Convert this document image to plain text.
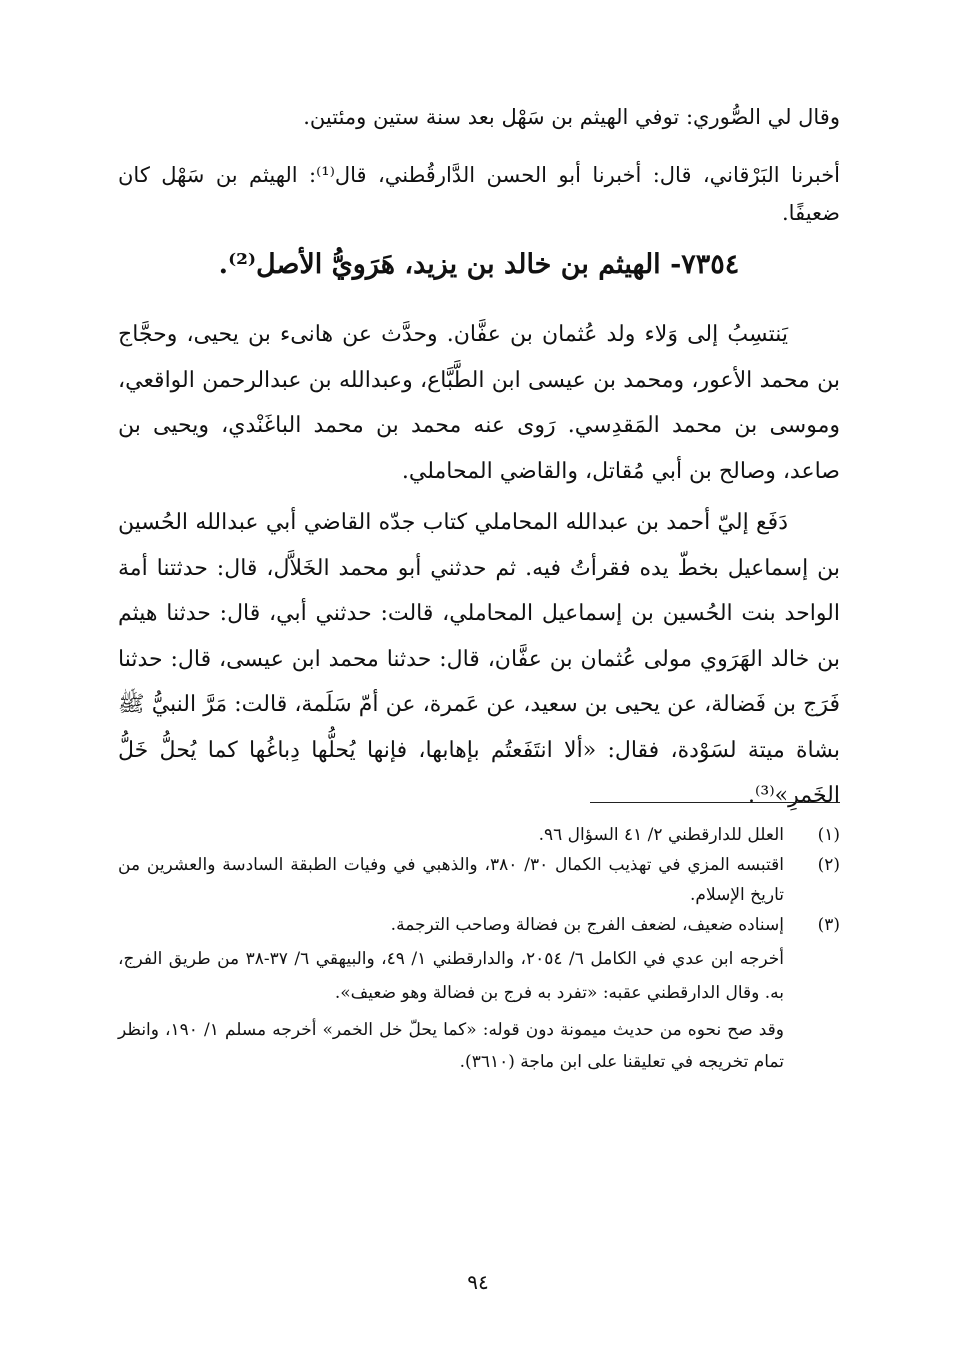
وقال لي الصُّوري: توفي الهيثم بن سَهْل بعد سنة ستين ومئتين.
أخبرنا البَرْقاني، قال: أخبرنا أبو الحسن الدَّارقُطني، قال⁽¹⁾: الهيثم بن سَهْل كان ضعيفًا.
٧٣٥٤- الهيثم بن خالد بن يزيد، هَرَويُّ الأصل⁽²⁾.
يَنتسِبُ إلى وَلاء ولد عُثمان بن عفَّان. وحدَّث عن هانىء بن يحيى، وحجَّاج بن محمد الأعور، ومحمد بن عيسى ابن الطَّبَّاع، وعبدالله بن عبدالرحمن الواقعي، وموسى بن محمد المَقدِسي. رَوى عنه محمد بن محمد الباغَنْدي، ويحيى بن صاعد، وصالح بن أبي مُقاتل، والقاضي المحاملي.
دَفَع إليّ أحمد بن عبدالله المحاملي كتاب جدّه القاضي أبي عبدالله الحُسين بن إسماعيل بخطّ يده فقرأتُ فيه. ثم حدثني أبو محمد الخَلاَّل، قال: حدثتنا أمة الواحد بنت الحُسين بن إسماعيل المحاملي، قالت: حدثني أبي، قال: حدثنا هيثم بن خالد الهَرَوي مولى عُثمان بن عفَّان، قال: حدثنا محمد ابن عيسى، قال: حدثنا فَرَج بن فَضالة، عن يحيى بن سعيد، عن عَمرة، عن أمّ سَلَمة، قالت: مَرَّ النبيُّ ﷺ بشاة ميتة لسَوْدة، فقال: «ألا انتَفَعتُم بإهابها، فإنها يُحلُّها دِباغُها كما يُحلُّ خَلُّ الخَمرِ»⁽³⁾.
(١)
العلل للدارقطني ٢/ ٤١ السؤال ٩٦.
(٢)
اقتبسه المزي في تهذيب الكمال ٣٠/ ٣٨٠، والذهبي في وفيات الطبقة السادسة والعشرين من تاريخ الإسلام.
(٣)
إسناده ضعيف، لضعف الفرج بن فضالة وصاحب الترجمة.
أخرجه ابن عدي في الكامل ٦/ ٢٠٥٤، والدارقطني ١/ ٤٩، والبيهقي ٦/ ٣٧-٣٨ من طريق الفرج، به. وقال الدارقطني عقبه: «تفرد به فرج بن فضالة وهو ضعيف».
وقد صح نحوه من حديث ميمونة دون قوله: «كما يحلّ خل الخمر» أخرجه مسلم ١/ ١٩٠، وانظر تمام تخريجه في تعليقنا على ابن ماجة (٣٦١٠).
٩٤
